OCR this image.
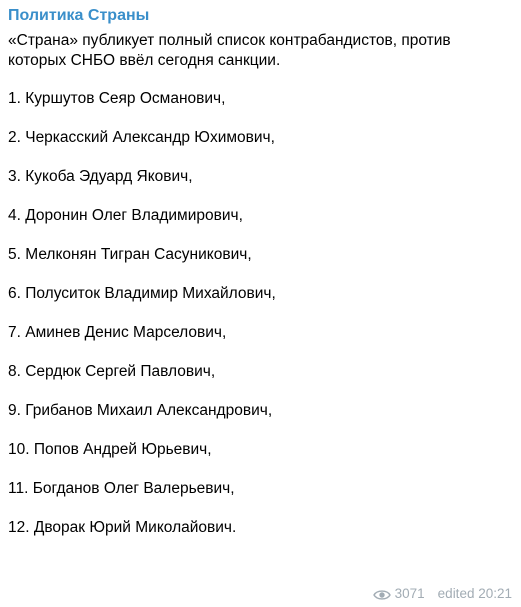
Политика Страны
«Страна» публикует полный список контрабандистов, против
которых СНБО ввёл сегодня санкции.
1. Куршутов Сеяр Османович,
2. Черкасский Александр Юхимович,
3. Кукоба Эдуард Якович,
4. Доронин Олег Владимирович,
5. Мелконян Тигран Сасуникович,
6. Полуситок Владимир Михайлович,
7. Аминев Денис Марселович,
8. Сердюк Сергей Павлович,
9. Грибанов Михаил Александрович,
10. Попов Андрей Юрьевич,
11. Богданов Олег Валерьевич,
12. Дворак Юрий Миколайович.
3071 edited 20:21
